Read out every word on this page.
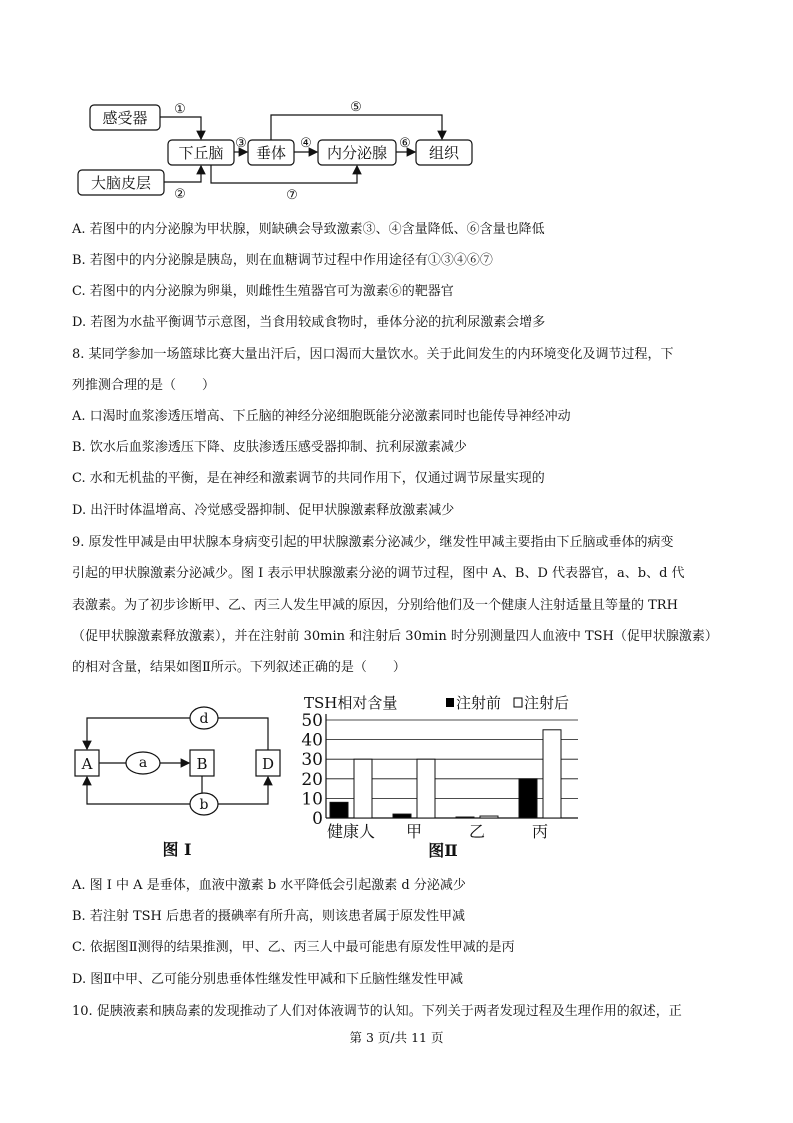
感受器
大脑皮层
下丘脑 垂体	内分泌腺	组织
①
②
③	④
⑤
⑥
⑦
A. 若图中的内分泌腺为甲状腺，则缺碘会导致激素③、④含量降低、⑥含量也降低
B. 若图中的内分泌腺是胰岛，则在血糖调节过程中作用途径有①③④⑥⑦
C. 若图中的内分泌腺为卵巢，则雌性生殖器官可为激素⑥的靶器官
D. 若图为水盐平衡调节示意图，当食用较咸食物时，垂体分泌的抗利尿激素会增多
8. 某同学参加一场篮球比赛大量出汗后，因口渴而大量饮水。关于此间发生的内环境变化及调节过程，下
列推测合理的是（　　）
A. 口渴时血浆渗透压增高、下丘脑的神经分泌细胞既能分泌激素同时也能传导神经冲动
B. 饮水后血浆渗透压下降、皮肤渗透压感受器抑制、抗利尿激素减少
C. 水和无机盐的平衡，是在神经和激素调节的共同作用下，仅通过调节尿量实现的
D. 出汗时体温增高、冷觉感受器抑制、促甲状腺激素释放激素减少
9. 原发性甲减是由甲状腺本身病变引起的甲状腺激素分泌减少，继发性甲减主要指由下丘脑或垂体的病变
引起的甲状腺激素分泌减少。图 I 表示甲状腺激素分泌的调节过程，图中 A、B、D 代表器官，a、b、d 代
表激素。为了初步诊断甲、乙、丙三人发生甲减的原因，分别给他们及一个健康人注射适量且等量的 TRH
（促甲状腺激素释放激素），并在注射前 30min 和注射后 30min 时分别测量四人血液中 TSH（促甲状腺激素）
的相对含量，结果如图Ⅱ所示。下列叙述正确的是（　　）
A	B	D
d
a
b
图 I
TSH相对含量	注射前 注射后
0
10
20
30
40
50
健康人 甲	乙	丙
图Ⅱ
A. 图 I 中 A 是垂体，血液中激素 b 水平降低会引起激素 d 分泌减少
B. 若注射 TSH 后患者的摄碘率有所升高，则该患者属于原发性甲减
C. 依据图Ⅱ测得的结果推测，甲、乙、丙三人中最可能患有原发性甲减的是丙
D. 图Ⅱ中甲、乙可能分别患垂体性继发性甲减和下丘脑性继发性甲减
10. 促胰液素和胰岛素的发现推动了人们对体液调节的认知。下列关于两者发现过程及生理作用的叙述，正
第 3 页/共 11 页
